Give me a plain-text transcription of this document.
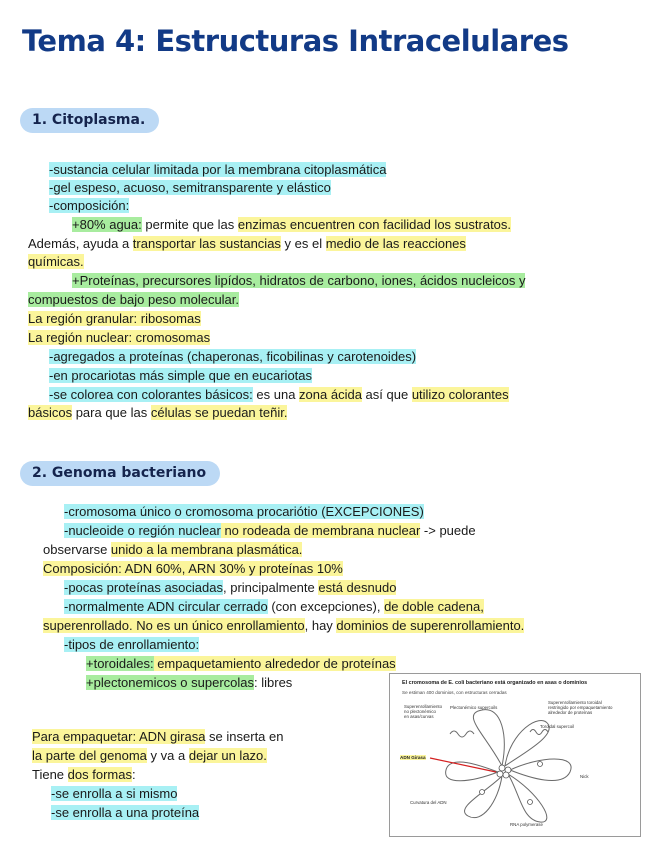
Tema 4: Estructuras Intracelulares
1. Citoplasma.
-sustancia celular limitada por la membrana citoplasmática
-gel espeso, acuoso, semitransparente y elástico
-composición:
+80% agua: permite que las enzimas encuentren con facilidad los sustratos.
Además, ayuda a transportar las sustancias y es el medio de las reacciones
químicas.
+Proteínas, precursores lipídos, hidratos de carbono, iones, ácidos nucleicos y
compuestos de bajo peso molecular.
La región granular: ribosomas
La región nuclear: cromosomas
-agregados a proteínas (chaperonas, ficobilinas y carotenoides)
-en procariotas más simple que en eucariotas
-se colorea con colorantes básicos: es una zona ácida así que utilizo colorantes
básicos para que las células se puedan teñir.
2. Genoma bacteriano
-cromosoma único o cromosoma procariótio (EXCEPCIONES)
-nucleoide o región nuclear no rodeada de membrana nuclear -> puede
observarse unido a la membrana plasmática.
Composición: ADN 60%, ARN 30% y proteínas 10%
-pocas proteínas asociadas, principalmente está desnudo
-normalmente ADN circular cerrado (con excepciones), de doble cadena,
superenrollado. No es un único enrollamiento, hay dominios de superenrollamiento.
-tipos de enrollamiento:
+toroidales: empaquetamiento alrededor de proteínas
+plectonemicos o supercolas: libres
Para empaquetar: ADN girasa se inserta en
la parte del genoma y va a dejar un lazo.
Tiene dos formas:
-se enrolla a si mismo
-se enrolla a una proteína
El cromosoma de E. coli bacteriano está organizado en asas o dominios
Se estiman 400 dominios, con estructuras cerradas
Superenrollamiento
no plectonémico
en asas/curvas
Plectonémico supercoils
Superenrollamiento toroidal
restringido por empaquetamiento
alrededor de proteínas
Toroidal supercoil
ADN Girasa
Nick
Curvatura del ADN
RNA polymerase
